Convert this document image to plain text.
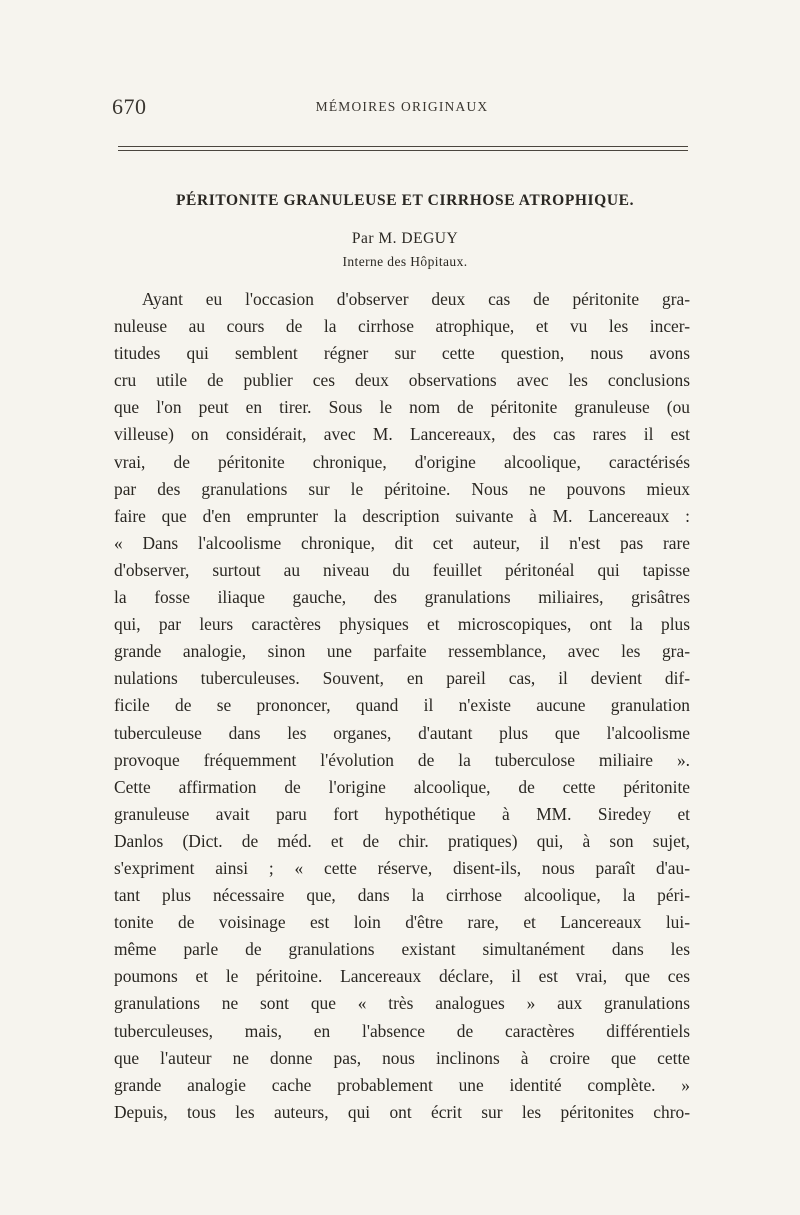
670	MÉMOIRES ORIGINAUX
PÉRITONITE GRANULEUSE ET CIRRHOSE ATROPHIQUE.
Par M. DEGUY
Interne des Hôpitaux.
Ayant eu l'occasion d'observer deux cas de péritonite gra-
nuleuse au cours de la cirrhose atrophique, et vu les incer-
titudes qui semblent régner sur cette question, nous avons
cru utile de publier ces deux observations avec les conclusions
que l'on peut en tirer. Sous le nom de péritonite granuleuse (ou
villeuse) on considérait, avec M. Lancereaux, des cas rares il est
vrai, de péritonite chronique, d'origine alcoolique, caractérisés
par des granulations sur le péritoine. Nous ne pouvons mieux
faire que d'en emprunter la description suivante à M. Lancereaux :
« Dans l'alcoolisme chronique, dit cet auteur, il n'est pas rare
d'observer, surtout au niveau du feuillet péritonéal qui tapisse
la fosse iliaque gauche, des granulations miliaires, grisâtres
qui, par leurs caractères physiques et microscopiques, ont la plus
grande analogie, sinon une parfaite ressemblance, avec les gra-
nulations tuberculeuses. Souvent, en pareil cas, il devient dif-
ficile de se prononcer, quand il n'existe aucune granulation
tuberculeuse dans les organes, d'autant plus que l'alcoolisme
provoque fréquemment l'évolution de la tuberculose miliaire ».
Cette affirmation de l'origine alcoolique, de cette péritonite
granuleuse avait paru fort hypothétique à MM. Siredey et
Danlos (Dict. de méd. et de chir. pratiques) qui, à son sujet,
s'expriment ainsi ; « cette réserve, disent-ils, nous paraît d'au-
tant plus nécessaire que, dans la cirrhose alcoolique, la péri-
tonite de voisinage est loin d'être rare, et Lancereaux lui-
même parle de granulations existant simultanément dans les
poumons et le péritoine. Lancereaux déclare, il est vrai, que ces
granulations ne sont que « très analogues » aux granulations
tuberculeuses, mais, en l'absence de caractères différentiels
que l'auteur ne donne pas, nous inclinons à croire que cette
grande analogie cache probablement une identité complète. »
Depuis, tous les auteurs, qui ont écrit sur les péritonites chro-
